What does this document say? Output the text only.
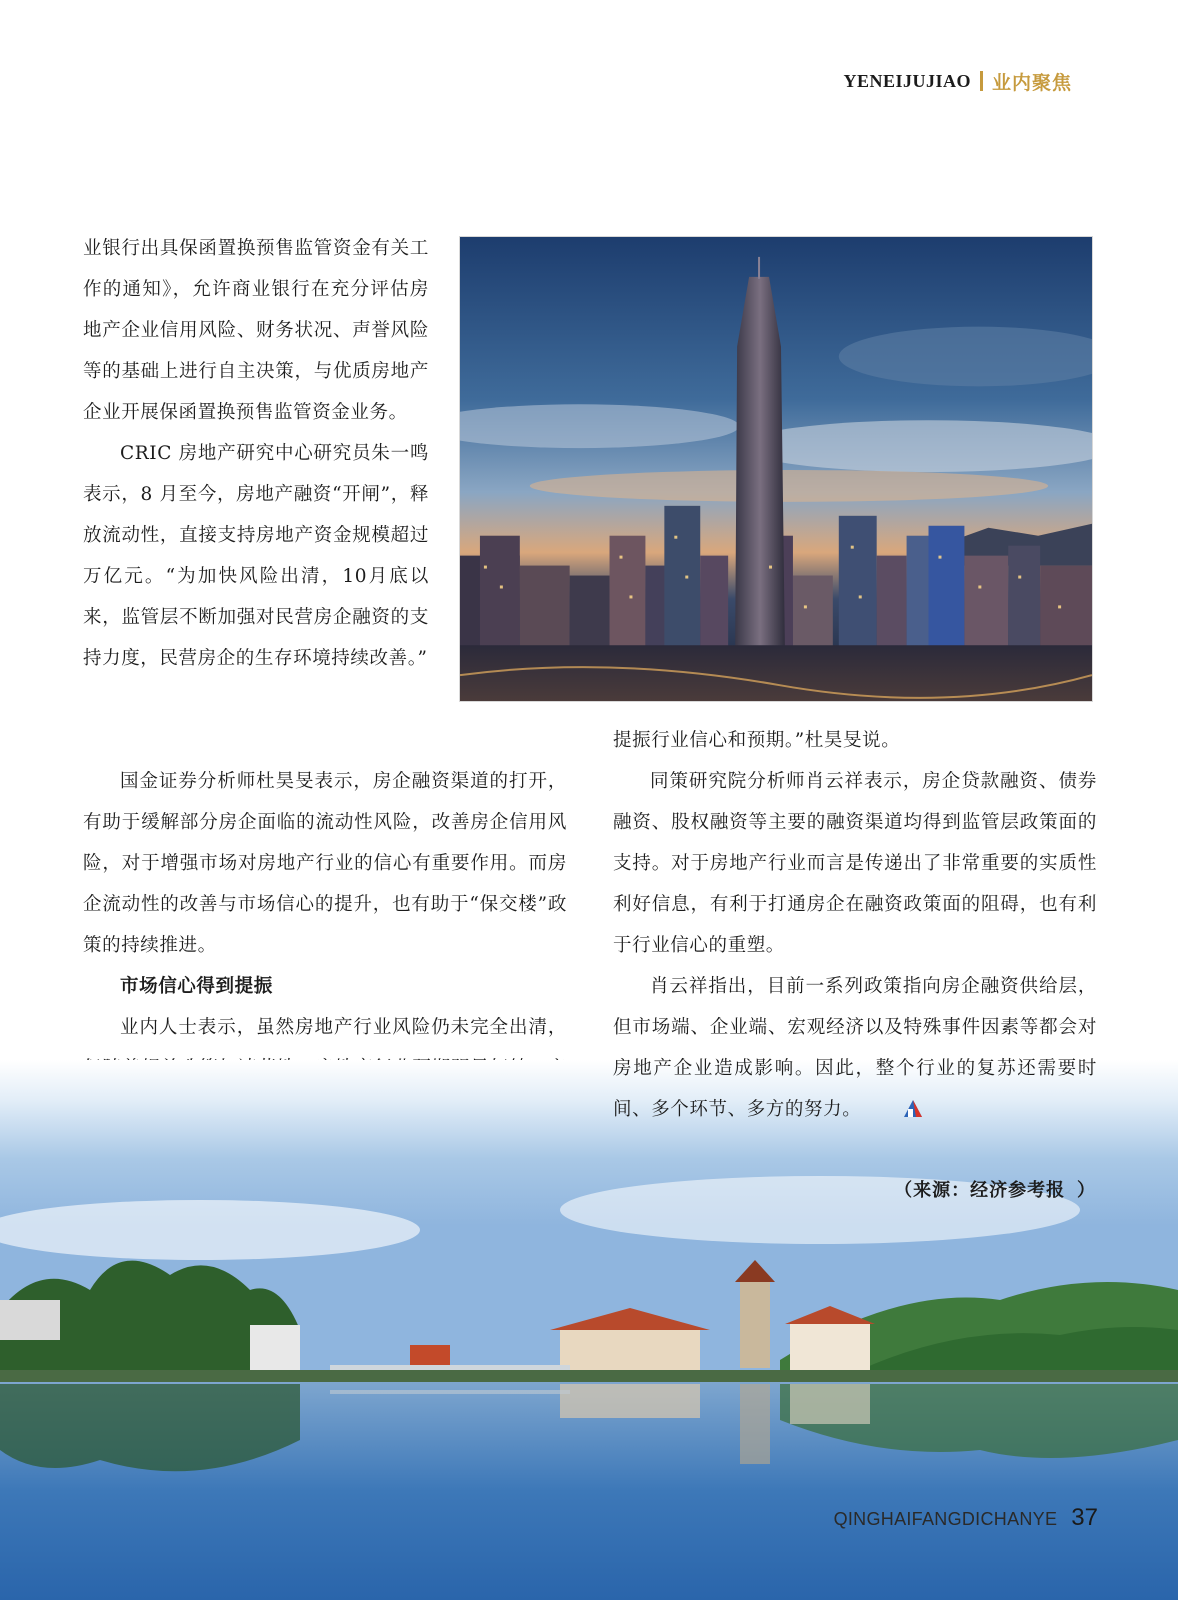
YENEIJUJIAO 业内聚焦

业银行出具保函置换预售监管资金有关工作的通知》，允许商业银行在充分评估房地产企业信用风险、财务状况、声誉风险等的基础上进行自主决策，与优质房地产企业开展保函置换预售监管资金业务。

CRIC 房地产研究中心研究员朱一鸣表示，8 月至今，房地产融资“开闸”，释放流动性，直接支持房地产资金规模超过万亿元。“为加快风险出清，10月底以来，监管层不断加强对民营房企融资的支持力度，民营房企的生存环境持续改善。”

国金证券分析师杜昊旻表示，房企融资渠道的打开，有助于缓解部分房企面临的流动性风险，改善房企信用风险，对于增强市场对房地产行业的信心有重要作用。而房企流动性的改善与市场信心的提升，也有助于“保交楼”政策的持续推进。

市场信心得到提振

业内人士表示，虽然房地产行业风险仍未完全出清，

提振行业信心和预期。”杜昊旻说。

同策研究院分析师肖云祥表示，房企贷款融资、债券融资、股权融资等主要的融资渠道均得到监管层政策面的支持。对于房地产行业而言是传递出了非常重要的实质性利好信息，有利于打通房企在融资政策面的阻碍，也有利于行业信心的重塑。

肖云祥指出，目前一系列政策指向房企融资供给层，但市场端、企业端、宏观经济以及特殊事件因素等都会对房地产企业造成影响。因此，整个行业的复苏还需要时间、多个环节、多方的努力。

（来源：经济参考报 ）
QINGHAIFANGDICHANYE 37
